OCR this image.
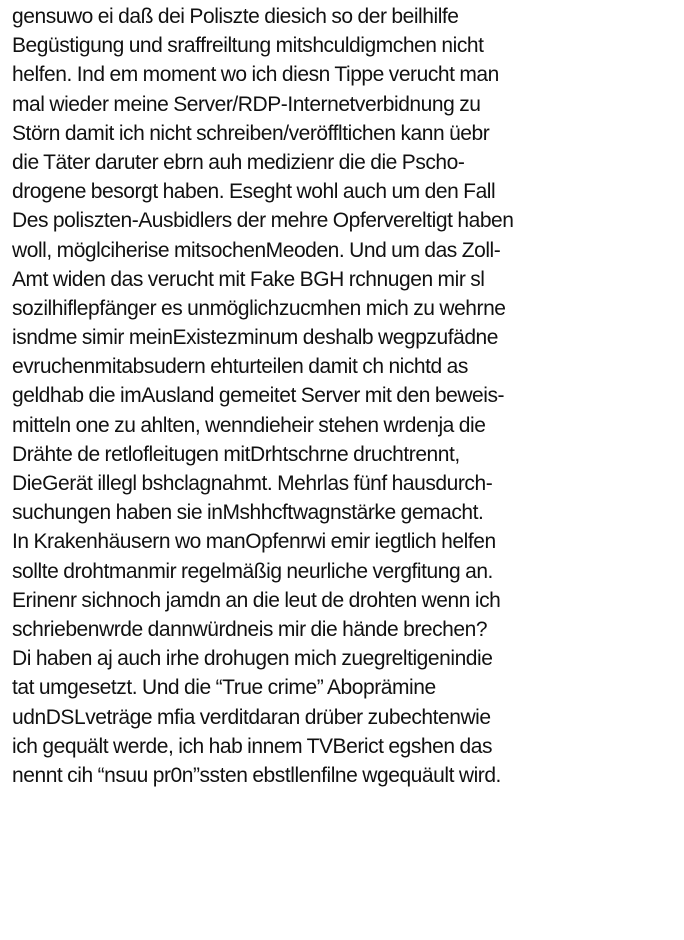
gensuwo ei daß dei Poliszte diesich so der beilhilfe
Begüstigung und sraffreiltung mitshculdigmchen nicht
helfen. Ind em moment wo ich diesn Tippe verucht man
mal wieder meine Server/RDP-Internetverbidnung zu
Störn damit ich nicht schreiben/veröffltichen kann üebr
die Täter daruter ebrn auh medizienr die die Pscho-
drogene besorgt haben. Eseght wohl auch um den Fall
Des poliszten-Ausbidlers der mehre Opfervereltigt haben
woll, möglciherise mitsochenMeoden. Und um das Zoll-
Amt widen das verucht mit Fake BGH rchnugen mir sl
sozilhiflepfänger es unmöglichzucmhen mich zu wehrne
isndme simir meinExistezminum deshalb wegpzufädne
evruchenmitabsudern ehturteilen damit ch nichtd as
geldhab die imAusland gemeitet Server mit den beweis-
mitteln one zu ahlten, wenndieheir stehen wrdenja die
Drähte de retlofleitugen mitDrhtschrne druchtrennt,
DieGerät illegl bshclagnahmt. Mehrlas fünf hausdurch-
suchungen haben sie inMshhcftwagnstärke gemacht.
In Krakenhäusern wo manOpfenrwi emir iegtlich helfen
sollte drohtmanmir regelmäßig neurliche vergfitung an.
Erinenr sichnoch jamdn an die leut de drohten wenn ich
schriebenwrde dannwürdneis mir die hände brechen?
Di haben aj auch irhe drohugen mich zuegreltigenindie
tat umgesetzt. Und die “True crime” Aboprämine
udnDSLveträge mfia verditdaran drüber zubechtenwie
ich gequält werde, ich hab innem TVBerict egshen das
nennt cih “nsuu pr0n”ssten ebstllenfilne wgequäult wird.
